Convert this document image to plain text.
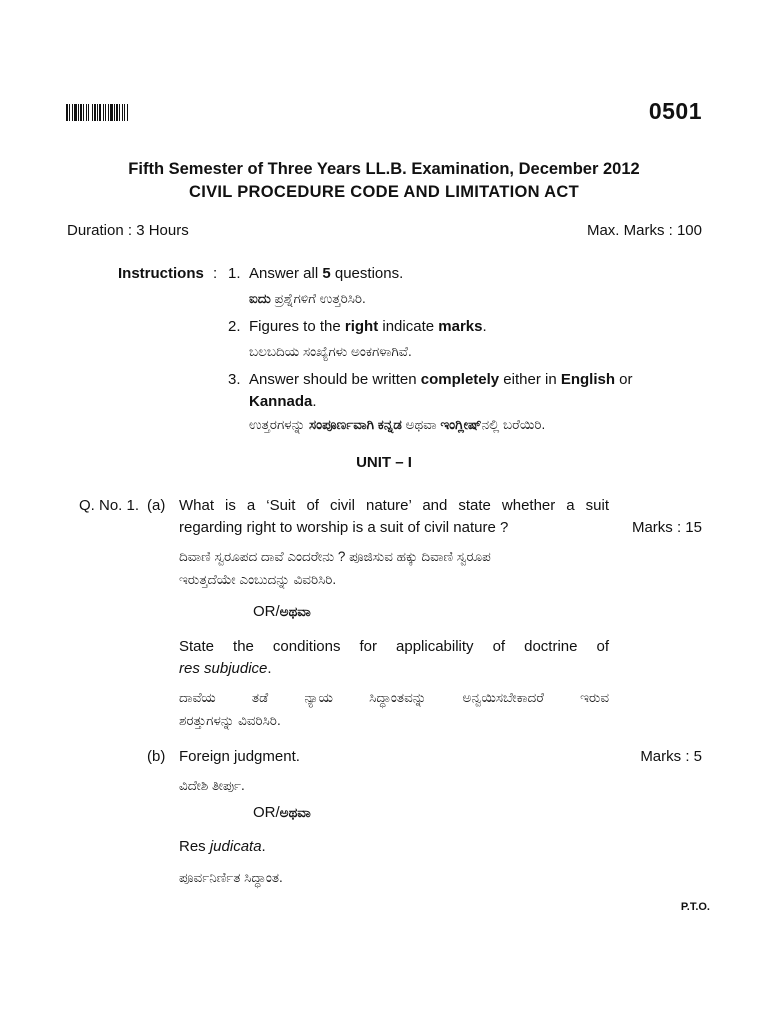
0501
Fifth Semester of Three Years LL.B. Examination, December 2012
CIVIL PROCEDURE CODE AND LIMITATION ACT
Duration : 3 Hours	Max. Marks : 100
Instructions : 1. Answer all 5 questions.
ಐದು ಪ್ರಶ್ನೆಗಳಿಗೆ ಉತ್ತರಿಸಿರಿ.
2. Figures to the right indicate marks.
ಬಲಬದಿಯ ಸಂಖ್ಯೆಗಳು ಅಂಕಗಳಾಗಿವೆ.
3. Answer should be written completely either in English or
Kannada.
ಉತ್ತರಗಳನ್ನು ಸಂಪೂರ್ಣವಾಗಿ ಕನ್ನಡ ಅಥವಾ ಇಂಗ್ಲೀಷ್ನಲ್ಲಿ ಬರೆಯಿರಿ.
UNIT – I
Q. No. 1. (a) What is a ‘Suit of civil nature’ and state whether a suit
regarding right to worship is a suit of civil nature ?	Marks : 15
ದಿವಾಣಿ ಸ್ವರೂಪದ ದಾವೆ ಎಂದರೇನು ? ಪೂಜಿಸುವ ಹಕ್ಕು ದಿವಾಣಿ ಸ್ವರೂಪ
ಇರುತ್ತದೆಯೇ ಎಂಬುದನ್ನು ವಿವರಿಸಿರಿ.
OR/ಅಥವಾ
State the conditions for applicability of doctrine of
res subjudice.
ದಾವೆಯ ತಡೆ ನ್ಯಾಯ ಸಿದ್ಧಾಂತವನ್ನು ಅನ್ವಯಿಸಬೇಕಾದರೆ ಇರುವ
ಶರತ್ತುಗಳನ್ನು ವಿವರಿಸಿರಿ.
(b) Foreign judgment.	Marks : 5
ವಿದೇಶಿ ತೀರ್ಪು.
OR/ಅಥವಾ
Res judicata.
ಪೂರ್ವನಿರ್ಣಿತ ಸಿದ್ಧಾಂತ.
P.T.O.
